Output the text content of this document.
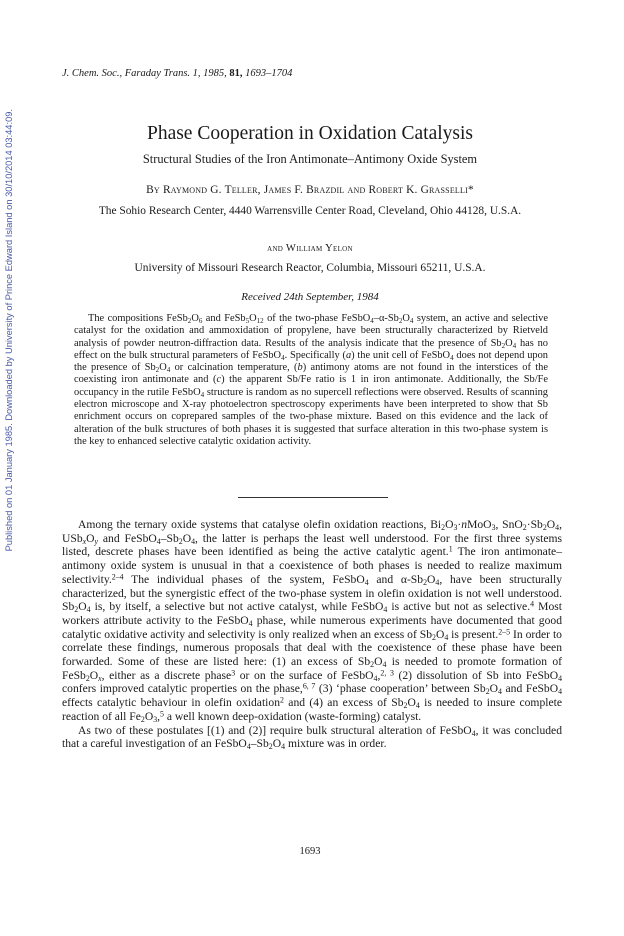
Published on 01 January 1985. Downloaded by University of Prince Edward Island on 30/10/2014 03:44:09.
J. Chem. Soc., Faraday Trans. 1, 1985, 81, 1693–1704
Phase Cooperation in Oxidation Catalysis
Structural Studies of the Iron Antimonate–Antimony Oxide System
By Raymond G. Teller, James F. Brazdil and Robert K. Grasselli*
The Sohio Research Center, 4440 Warrensville Center Road, Cleveland, Ohio 44128, U.S.A.
and William Yelon
University of Missouri Research Reactor, Columbia, Missouri 65211, U.S.A.
Received 24th September, 1984

The compositions $FeSb_2O_6$ and $FeSb_5O_{12}$ of the two-phase $FeSbO_4-\alpha-Sb_2O_4$ system, an active and selective catalyst for the oxidation and ammoxidation of propylene, have been structurally characterized by Rietveld analysis of powder neutron-diffraction data. Results of the analysis indicate that the presence of $Sb_2O_4$ has no effect on the bulk structural parameters of FeSbO$_4$. Specifically (a) the unit cell of FeSbO$_4$ does not depend upon the presence of $Sb_2O_4$ or calcination temperature, (b) antimony atoms are not found in the interstices of the coexisting iron antimonate and (c) the apparent Sb/Fe ratio is 1 in iron antimonate. Additionally, the Sb/Fe occupancy in the rutile FeSbO$_4$ structure is random as no supercell reflections were observed. Results of scanning electron microscope and X-ray photoelectron spectroscopy experiments have been interpreted to show that Sb enrichment occurs on coprepared samples of the two-phase mixture. Based on this evidence and the lack of alteration of the bulk structures of both phases it is suggested that surface alteration in this two-phase system is the key to enhanced selective catalytic oxidation activity.

Among the ternary oxide systems that catalyse olefin oxidation reactions, $Bi_2O_3\cdot nMoO_3$, $SnO_2\cdot Sb_2O_4$, $USb_xO_y$ and $FeSbO_4-Sb_2O_4$, the latter is perhaps the least well understood. For the first three systems listed, descrete phases have been identified as being the active catalytic agent.$^1$ The iron antimonate–antimony oxide system is unusual in that a coexistence of both phases is needed to realize maximum selectivity.$^{2-4}$ The individual phases of the system, FeSbO$_4$ and $\alpha-Sb_2O_4$, have been structurally characterized, but the synergistic effect of the two-phase system in olefin oxidation is not well understood. $Sb_2O_4$ is, by itself, a selective but not active catalyst, while FeSbO$_4$ is active but not as selective.$^4$ Most workers attribute activity to the FeSbO$_4$ phase, while numerous experiments have documented that good catalytic oxidative activity and selectivity is only realized when an excess of $Sb_2O_4$ is present.$^{2-5}$ In order to correlate these findings, numerous proposals that deal with the coexistence of these phase have been forwarded. Some of these are listed here: (1) an excess of $Sb_2O_4$ is needed to promote formation of $FeSb_2O_x$, either as a discrete phase$^3$ or on the surface of FeSbO$_4$,$^{2, 3}$ (2) dissolution of Sb into FeSbO$_4$ confers improved catalytic properties on the phase,$^{6, 7}$ (3) ‘phase cooperation’ between $Sb_2O_4$ and FeSbO$_4$ effects catalytic behaviour in olefin oxidation$^2$ and (4) an excess of $Sb_2O_4$ is needed to insure complete reaction of all $Fe_2O_3,^5$ a well known deep-oxidation (waste-forming) catalyst.

As two of these postulates [(1) and (2)] require bulk structural alteration of FeSbO$_4$, it was concluded that a careful investigation of an $FeSbO_4-Sb_2O_4$ mixture was in order.

1693
